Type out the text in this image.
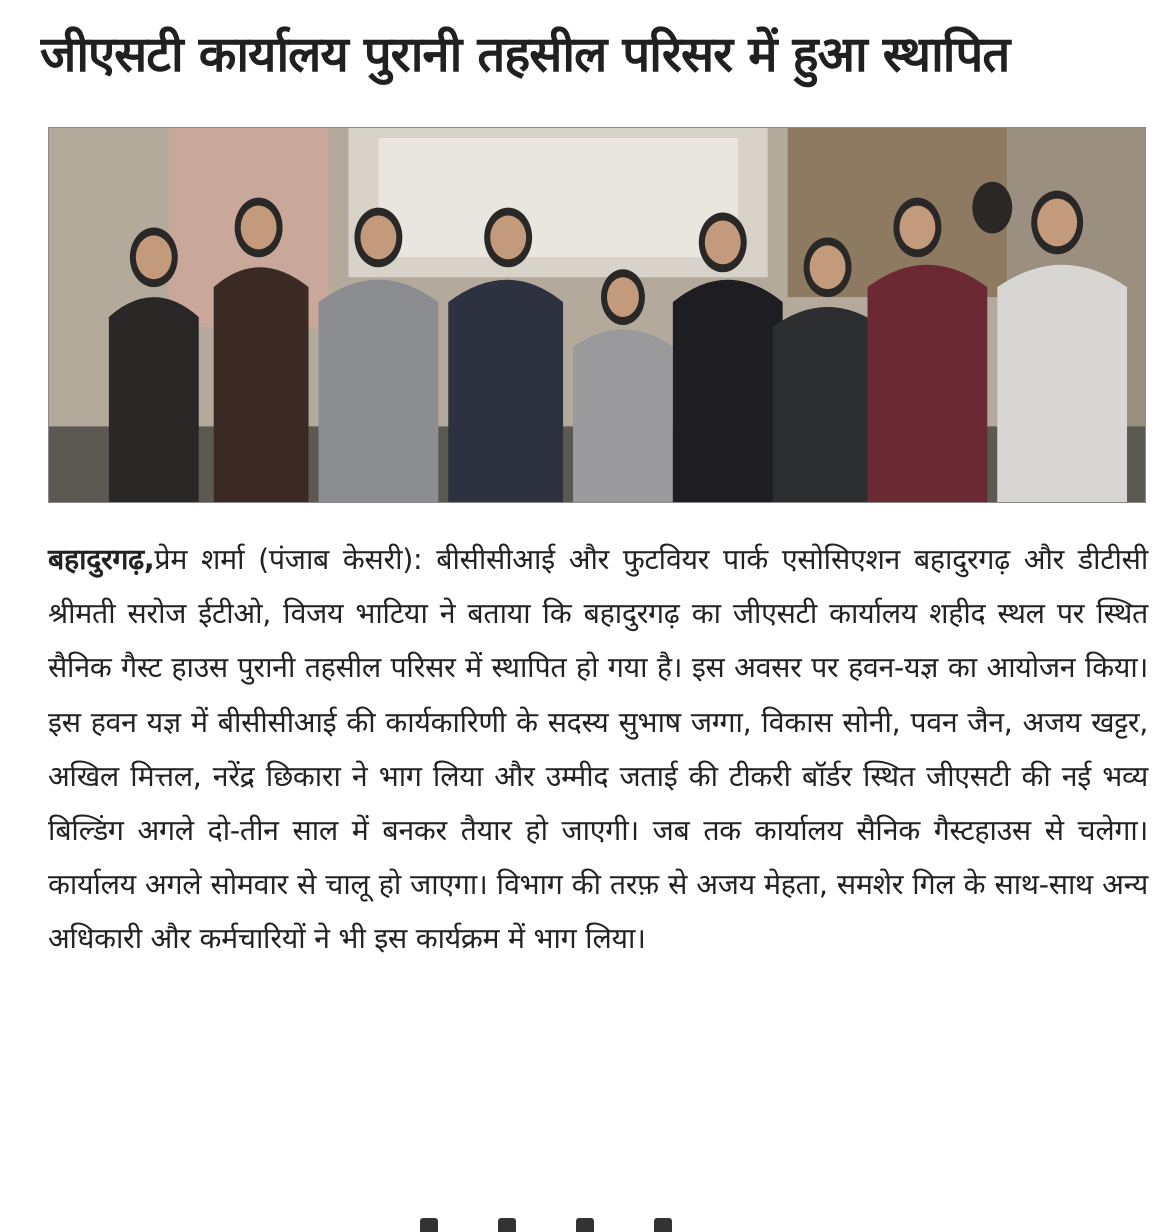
जीएसटी कार्यालय पुरानी तहसील परिसर में हुआ स्थापित

बहादुरगढ़,प्रेम शर्मा (पंजाब केसरी): बीसीसीआई और फुटवियर पार्क एसोसिएशन बहादुरगढ़ और डीटीसी श्रीमती सरोज ईटीओ, विजय भाटिया ने बताया कि बहादुरगढ़ का जीएसटी कार्यालय शहीद स्थल पर स्थित सैनिक गैस्ट हाउस पुरानी तहसील परिसर में स्थापित हो गया है। इस अवसर पर हवन-यज्ञ का आयोजन किया। इस हवन यज्ञ में बीसीसीआई की कार्यकारिणी के सदस्य सुभाष जग्गा, विकास सोनी, पवन जैन, अजय खट्टर, अखिल मित्तल, नरेंद्र छिकारा ने भाग लिया और उम्मीद जताई की टीकरी बॉर्डर स्थित जीएसटी की नई भव्य बिल्डिंग अगले दो-तीन साल में बनकर तैयार हो जाएगी। जब तक कार्यालय सैनिक गैस्टहाउस से चलेगा। कार्यालय अगले सोमवार से चालू हो जाएगा। विभाग की तरफ़ से अजय मेहता, समशेर गिल के साथ-साथ अन्य अधिकारी और कर्मचारियों ने भी इस कार्यक्रम में भाग लिया।
